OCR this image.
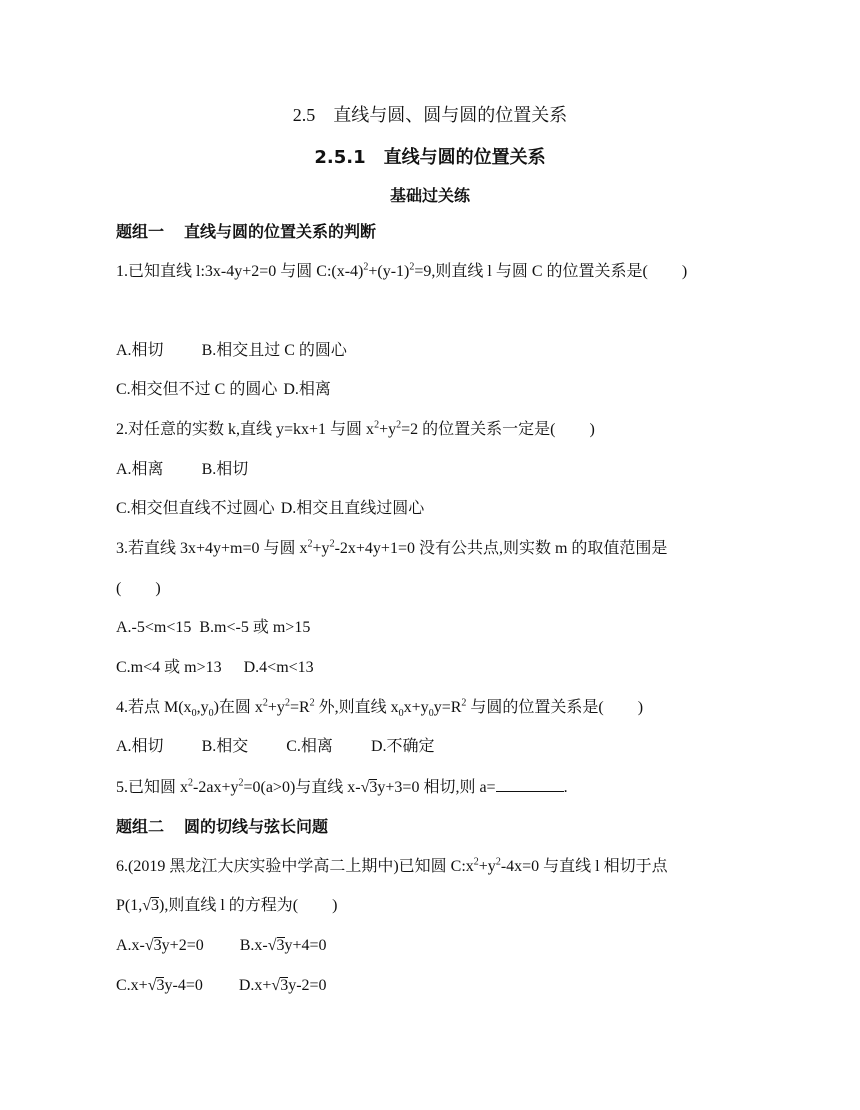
2.5 直线与圆、圆与圆的位置关系
2.5.1 直线与圆的位置关系
基础过关练
题组一 直线与圆的位置关系的判断
1.已知直线 l:3x-4y+2=0 与圆 $C:(x-4)^2+(y-1)^2=9$,则直线 l 与圆 C 的位置关系是( )
A.相切 B.相交且过 C 的圆心
C.相交但不过 C 的圆心 D.相离
2.对任意的实数 k,直线 y=kx+1 与圆 $x^2+y^2=2$ 的位置关系一定是( )
A.相离 B.相切
C.相交但直线不过圆心 D.相交且直线过圆心
3.若直线 3x+4y+m=0 与圆 $x^2+y^2-2x+4y+1=0$ 没有公共点,则实数 m 的取值范围是
( )
A.-5<m<15 B.m<-5 或 m>15
C.m<4 或 m>13 D.4<m<13
4.若点 $M(x_0,y_0)$在圆 $x^2+y^2=R^2$ 外,则直线 $x_0x+y_0y=R^2$ 与圆的位置关系是( )
A.相切 B.相交 C.相离 D.不确定
5.已知圆 $x^2-2ax+y^2=0(a>0)$与直线 x-√3y+3=0 相切,则 a=	.
题组二 圆的切线与弦长问题
6.(2019 黑龙江大庆实验中学高二上期中)已知圆 $C:x^2+y^2-4x=0$ 与直线 l 相切于点
P(1,√3),则直线 l 的方程为( )
A.x-√3y+2=0 B.x-√3y+4=0
C.x+√3y-4=0 D.x+√3y-2=0
